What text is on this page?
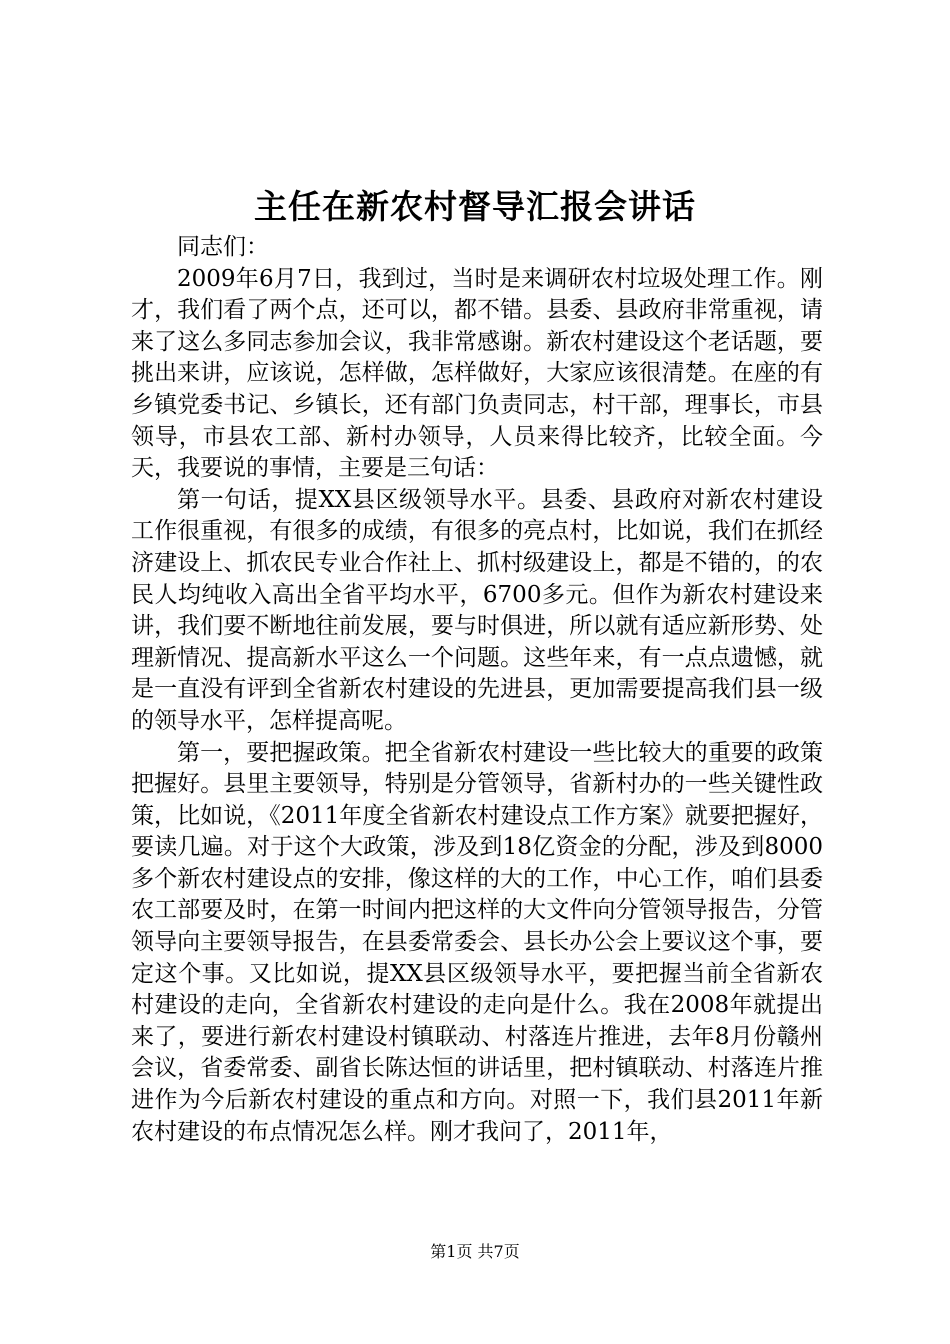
主任在新农村督导汇报会讲话

同志们：

2009年6月7日，我到过，当时是来调研农村垃圾处理工作。刚才，我们看了两个点，还可以，都不错。县委、县政府非常重视，请来了这么多同志参加会议，我非常感谢。新农村建设这个老话题，要挑出来讲，应该说，怎样做，怎样做好，大家应该很清楚。在座的有乡镇党委书记、乡镇长，还有部门负责同志，村干部，理事长，市县领导，市县农工部、新村办领导，人员来得比较齐，比较全面。今天，我要说的事情，主要是三句话：

第一句话，提XX县区级领导水平。县委、县政府对新农村建设工作很重视，有很多的成绩，有很多的亮点村，比如说，我们在抓经济建设上、抓农民专业合作社上、抓村级建设上，都是不错的，的农民人均纯收入高出全省平均水平，6700多元。但作为新农村建设来讲，我们要不断地往前发展，要与时俱进，所以就有适应新形势、处理新情况、提高新水平这么一个问题。这些年来，有一点点遗憾，就是一直没有评到全省新农村建设的先进县，更加需要提高我们县一级的领导水平，怎样提高呢。

第一，要把握政策。把全省新农村建设一些比较大的重要的政策把握好。县里主要领导，特别是分管领导，省新村办的一些关键性政策，比如说，《2011年度全省新农村建设点工作方案》就要把握好，要读几遍。对于这个大政策，涉及到18亿资金的分配，涉及到8000多个新农村建设点的安排，像这样的大的工作，中心工作，咱们县委农工部要及时，在第一时间内把这样的大文件向分管领导报告，分管领导向主要领导报告，在县委常委会、县长办公会上要议这个事，要定这个事。又比如说，提XX县区级领导水平，要把握当前全省新农村建设的走向，全省新农村建设的走向是什么。我在2008年就提出来了，要进行新农村建设村镇联动、村落连片推进，去年8月份赣州会议，省委常委、副省长陈达恒的讲话里，把村镇联动、村落连片推进作为今后新农村建设的重点和方向。对照一下，我们县2011年新农村建设的布点情况怎么样。刚才我问了，2011年，

第1页 共7页
